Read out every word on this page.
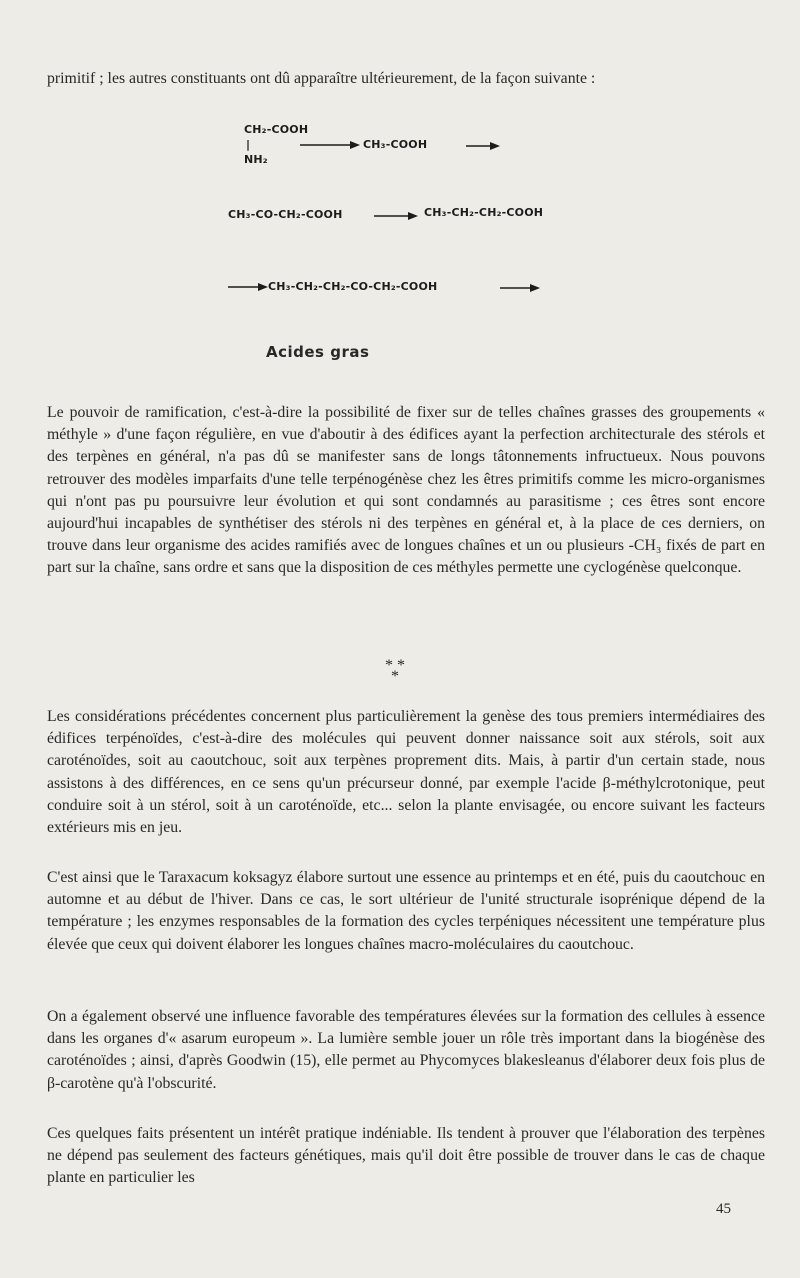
primitif ; les autres constituants ont dû apparaître ultérieurement, de la façon suivante :

CH₂-COOH
|
NH₂
→ CH₃-COOH
CH₃-CO-CH₂-COOH → CH₃-CH₂-CH₂-COOH
→ CH₃-CH₂-CH₂-CO-CH₂-COOH
Acides gras

Le pouvoir de ramification, c'est-à-dire la possibilité de fixer sur de telles chaînes grasses des groupements « méthyle » d'une façon régulière, en vue d'aboutir à des édifices ayant la perfection architecturale des stérols et des terpènes en général, n'a pas dû se manifester sans de longs tâtonnements infructueux. Nous pouvons retrouver des modèles imparfaits d'une telle terpénogénèse chez les êtres primitifs comme les micro-organismes qui n'ont pas pu poursuivre leur évolution et qui sont condamnés au parasitisme ; ces êtres sont encore aujourd'hui incapables de synthétiser des stérols ni des terpènes en général et, à la place de ces derniers, on trouve dans leur organisme des acides ramifiés avec de longues chaînes et un ou plusieurs -CH₃ fixés de part en part sur la chaîne, sans ordre et sans que la disposition de ces méthyles permette une cyclogénèse quelconque.

* * *

Les considérations précédentes concernent plus particulièrement la genèse des tous premiers intermédiaires des édifices terpénoïdes, c'est-à-dire des molécules qui peuvent donner naissance soit aux stérols, soit aux caroténoïdes, soit au caoutchouc, soit aux terpènes proprement dits. Mais, à partir d'un certain stade, nous assistons à des différences, en ce sens qu'un précurseur donné, par exemple l'acide β-méthylcrotonique, peut conduire soit à un stérol, soit à un caroténoïde, etc... selon la plante envisagée, ou encore suivant les facteurs extérieurs mis en jeu.

C'est ainsi que le Taraxacum koksagyz élabore surtout une essence au printemps et en été, puis du caoutchouc en automne et au début de l'hiver. Dans ce cas, le sort ultérieur de l'unité structurale isoprénique dépend de la température ; les enzymes responsables de la formation des cycles terpéniques nécessitent une température plus élevée que ceux qui doivent élaborer les longues chaînes macro-moléculaires du caoutchouc.

On a également observé une influence favorable des températures élevées sur la formation des cellules à essence dans les organes d'« asarum europeum ». La lumière semble jouer un rôle très important dans la biogénèse des caroténoïdes ; ainsi, d'après Goodwin (15), elle permet au Phycomyces blakesleanus d'élaborer deux fois plus de β-carotène qu'à l'obscurité.

Ces quelques faits présentent un intérêt pratique indéniable. Ils tendent à prouver que l'élaboration des terpènes ne dépend pas seulement des facteurs génétiques, mais qu'il doit être possible de trouver dans le cas de chaque plante en particulier les

45
